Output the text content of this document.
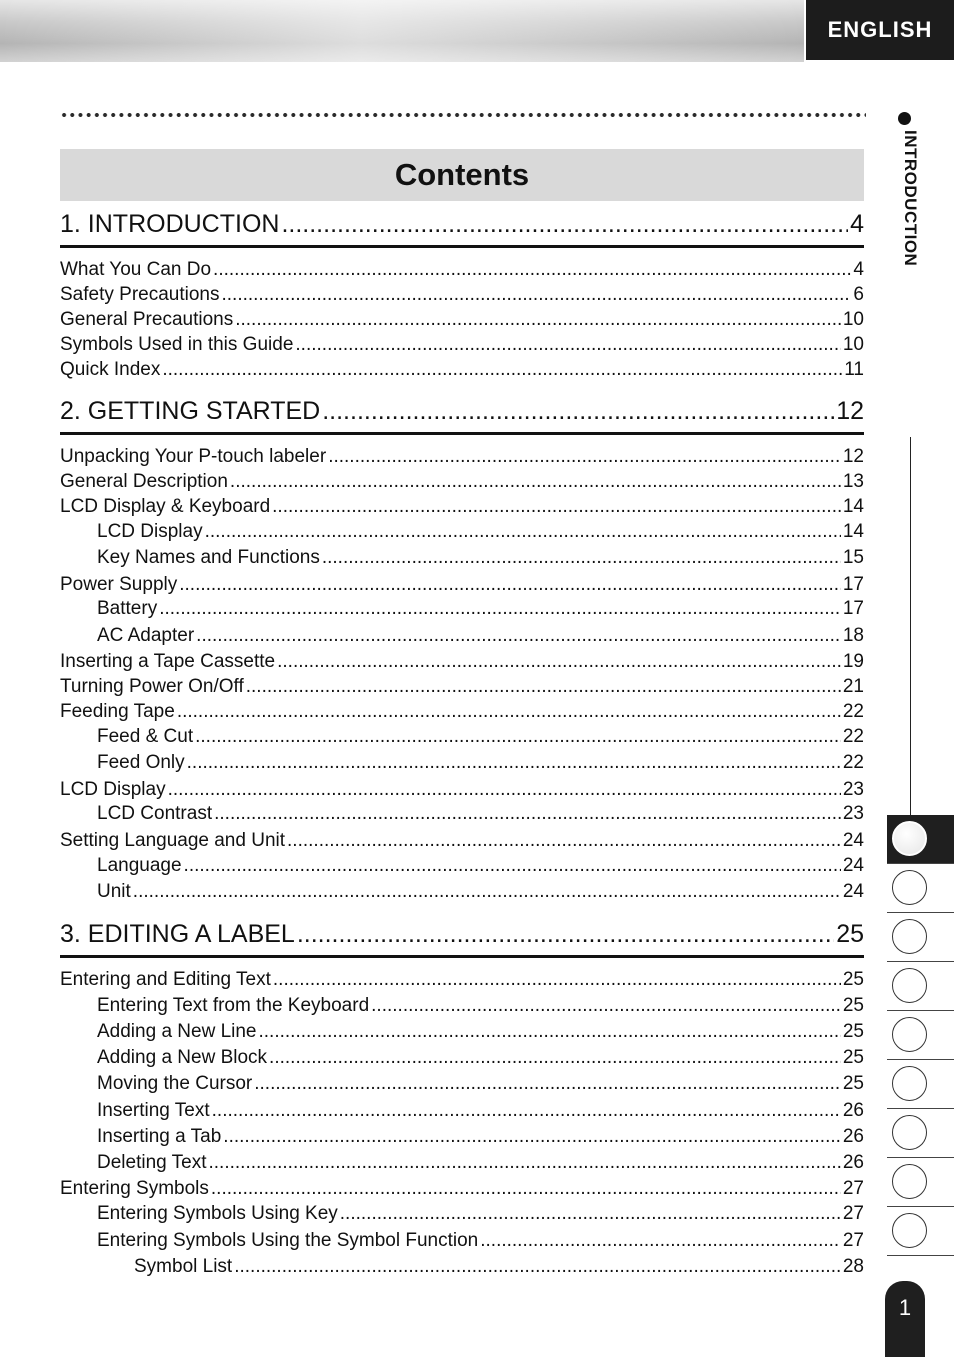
ENGLISH
Contents	INTRODUCTION
1
1. INTRODUCTION .....	4
What You Can Do .....	4
Safety Precautions .....	6
General Precautions .....	10
Symbols Used in this Guide .....	10
Quick Index .....	11
2. GETTING STARTED .....	12
Unpacking Your P-touch labeler .....	12
General Description .....	13
LCD Display & Keyboard .....	14
LCD Display .....	14
Key Names and Functions .....	15
Power Supply .....	17
Battery .....	17
AC Adapter .....	18
Inserting a Tape Cassette .....	19
Turning Power On/Off .....	21
Feeding Tape .....	22
Feed & Cut .....	22
Feed Only .....	22
LCD Display .....	23
LCD Contrast .....	23
Setting Language and Unit .....	24
Language .....	24
Unit .....	24
3. EDITING A LABEL .....	25
Entering and Editing Text .....	25
Entering Text from the Keyboard .....	25
Adding a New Line .....	25
Adding a New Block .....	25
Moving the Cursor .....	25
Inserting Text .....	26
Inserting a Tab .....	26
Deleting Text .....	26
Entering Symbols .....	27
Entering Symbols Using Key .....	27
Entering Symbols Using the Symbol Function .....	27
Symbol List .....	28
